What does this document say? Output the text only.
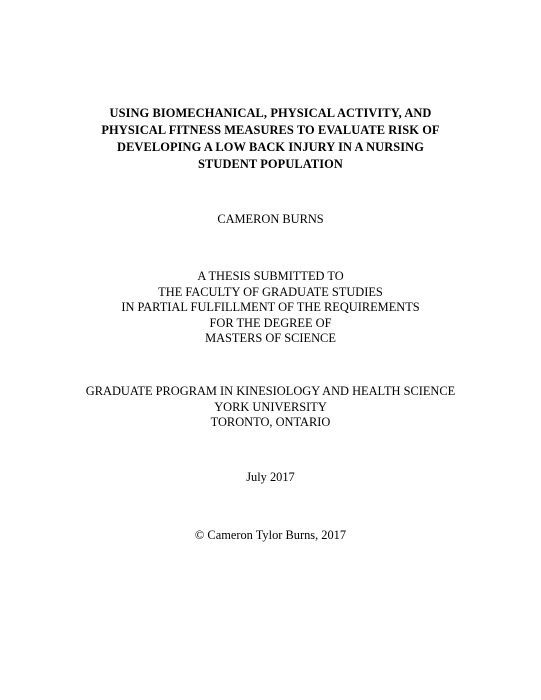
USING BIOMECHANICAL, PHYSICAL ACTIVITY, AND
PHYSICAL FITNESS MEASURES TO EVALUATE RISK OF
DEVELOPING A LOW BACK INJURY IN A NURSING
STUDENT POPULATION
CAMERON BURNS
A THESIS SUBMITTED TO
THE FACULTY OF GRADUATE STUDIES
IN PARTIAL FULFILLMENT OF THE REQUIREMENTS
FOR THE DEGREE OF
MASTERS OF SCIENCE
GRADUATE PROGRAM IN KINESIOLOGY AND HEALTH SCIENCE
YORK UNIVERSITY
TORONTO, ONTARIO
July 2017
© Cameron Tylor Burns, 2017
